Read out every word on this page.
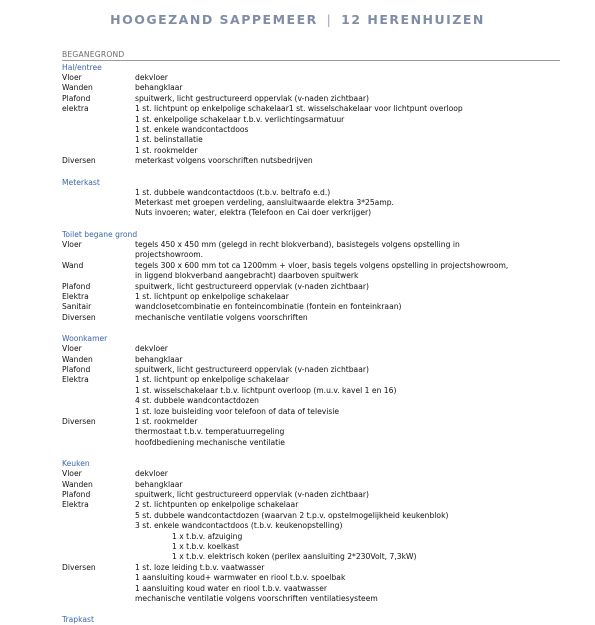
HOOGEZAND SAPPEMEER | 12 HERENHUIZEN
BEGANEGROND
Hal/entree
Vloer	dekvloer
Wanden	behangklaar
Plafond	spuitwerk, licht gestructureerd oppervlak (v-naden zichtbaar)
elektra	1 st. lichtpunt op enkelpolige schakelaar1 st. wisselschakelaar voor lichtpunt overloop
1 st. enkelpolige schakelaar t.b.v. verlichtingsarmatuur
1 st. enkele wandcontactdoos
1 st. belinstallatie
1 st. rookmelder
Diversen	meterkast volgens voorschriften nutsbedrijven
Meterkast
1 st. dubbele wandcontactdoos (t.b.v. beltrafo e.d.)
Meterkast met groepen verdeling, aansluitwaarde elektra 3*25amp.
Nuts invoeren; water, elektra (Telefoon en Cai doer verkrijger)
Toilet begane grond
Vloer	tegels 450 x 450 mm (gelegd in recht blokverband), basistegels volgens opstelling in
projectshowroom.
Wand	tegels 300 x 600 mm tot ca 1200mm + vloer, basis tegels volgens opstelling in projectshowroom,
in liggend blokverband aangebracht) daarboven spuitwerk
Plafond	spuitwerk, licht gestructureerd oppervlak (v-naden zichtbaar)
Elektra	1 st. lichtpunt op enkelpolige schakelaar
Sanitair	wandclosetcombinatie en fonteincombinatie (fontein en fonteinkraan)
Diversen	mechanische ventilatie volgens voorschriften
Woonkamer
Vloer	dekvloer
Wanden	behangklaar
Plafond	spuitwerk, licht gestructureerd oppervlak (v-naden zichtbaar)
Elektra	1 st. lichtpunt op enkelpolige schakelaar
1 st. wisselschakelaar t.b.v. lichtpunt overloop (m.u.v. kavel 1 en 16)
4 st. dubbele wandcontactdozen
1 st. loze buisleiding voor telefoon of data of televisie
Diversen	1 st. rookmelder
thermostaat t.b.v. temperatuurregeling
hoofdbediening mechanische ventilatie
Keuken
Vloer	dekvloer
Wanden	behangklaar
Plafond	spuitwerk, licht gestructureerd oppervlak (v-naden zichtbaar)
Elektra	2 st. lichtpunten op enkelpolige schakelaar
5 st. dubbele wandcontactdozen (waarvan 2 t.p.v. opstelmogelijkheid keukenblok)
3 st. enkele wandcontactdoos (t.b.v. keukenopstelling)
1 x t.b.v. afzuiging
1 x t.b.v. koelkast
1 x t.b.v. elektrisch koken (perilex aansluiting 2*230Volt, 7,3kW)
Diversen	1 st. loze leiding t.b.v. vaatwasser
1 aansluiting koud+ warmwater en riool t.b.v. spoelbak
1 aansluiting koud water en riool t.b.v. vaatwasser
mechanische ventilatie volgens voorschriften ventilatiesysteem
Trapkast
